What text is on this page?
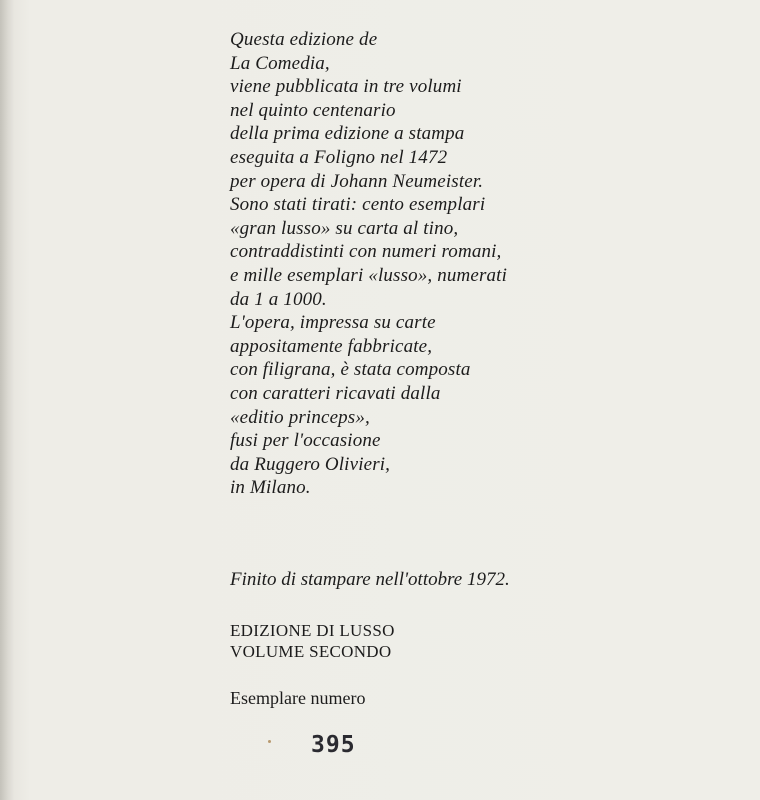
Questa edizione de
La Comedia,
viene pubblicata in tre volumi
nel quinto centenario
della prima edizione a stampa
eseguita a Foligno nel 1472
per opera di Johann Neumeister.
Sono stati tirati: cento esemplari
«gran lusso» su carta al tino,
contraddistinti con numeri romani,
e mille esemplari «lusso», numerati
da 1 a 1000.
L'opera, impressa su carte
appositamente fabbricate,
con filigrana, è stata composta
con caratteri ricavati dalla
«editio princeps»,
fusi per l'occasione
da Ruggero Olivieri,
in Milano.
Finito di stampare nell'ottobre 1972.
EDIZIONE DI LUSSO
VOLUME SECONDO
Esemplare numero
395
